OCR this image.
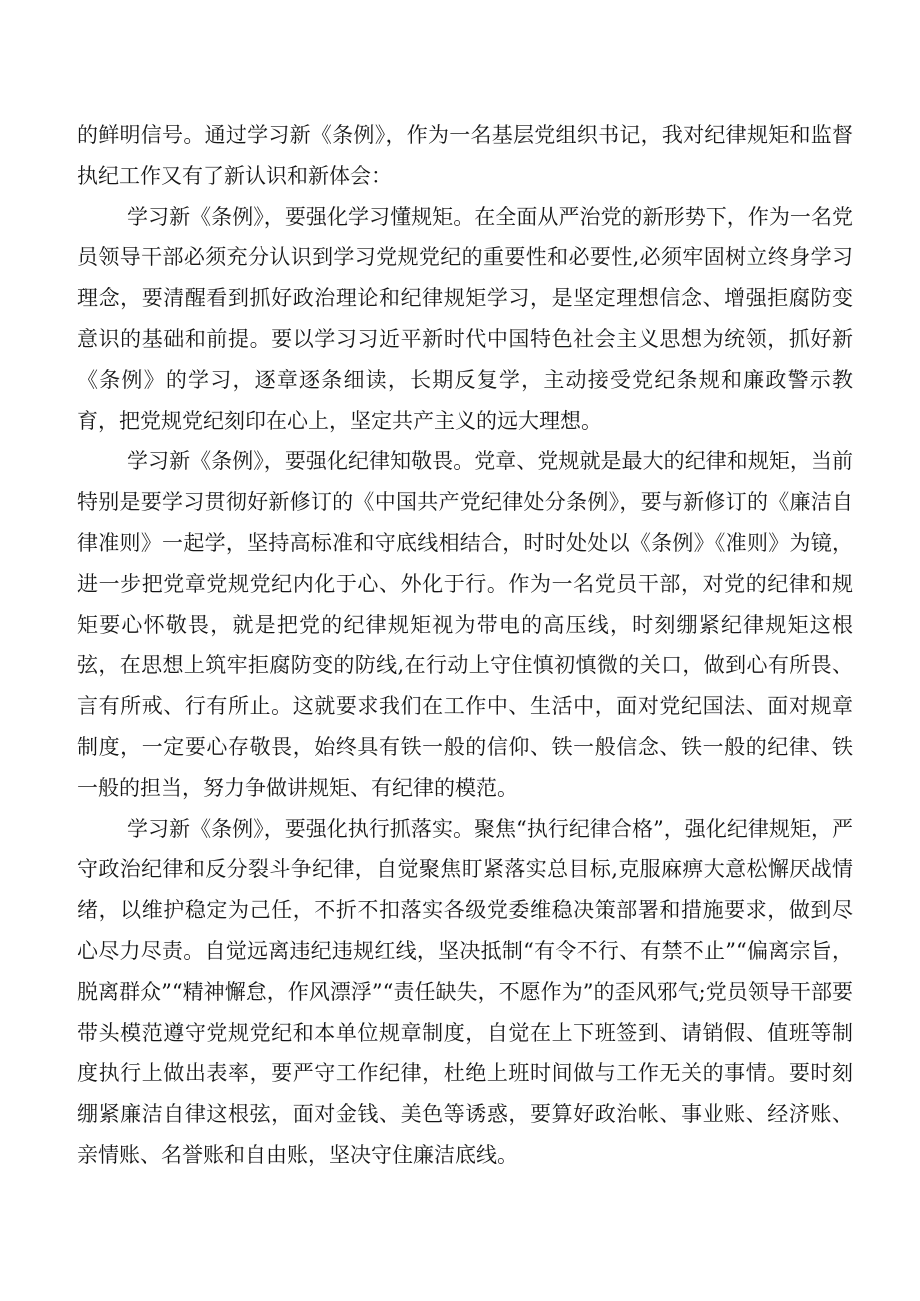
的鲜明信号。通过学习新《条例》，作为一名基层党组织书记，我对纪律规矩和监督执纪工作又有了新认识和新体会：

学习新《条例》，要强化学习懂规矩。在全面从严治党的新形势下，作为一名党员领导干部必须充分认识到学习党规党纪的重要性和必要性,必须牢固树立终身学习理念，要清醒看到抓好政治理论和纪律规矩学习，是坚定理想信念、增强拒腐防变意识的基础和前提。要以学习习近平新时代中国特色社会主义思想为统领，抓好新《条例》的学习，逐章逐条细读，长期反复学，主动接受党纪条规和廉政警示教育，把党规党纪刻印在心上，坚定共产主义的远大理想。

学习新《条例》，要强化纪律知敬畏。党章、党规就是最大的纪律和规矩，当前特别是要学习贯彻好新修订的《中国共产党纪律处分条例》，要与新修订的《廉洁自律准则》一起学，坚持高标准和守底线相结合，时时处处以《条例》《准则》为镜，进一步把党章党规党纪内化于心、外化于行。作为一名党员干部，对党的纪律和规矩要心怀敬畏，就是把党的纪律规矩视为带电的高压线，时刻绷紧纪律规矩这根弦，在思想上筑牢拒腐防变的防线,在行动上守住慎初慎微的关口，做到心有所畏、言有所戒、行有所止。这就要求我们在工作中、生活中，面对党纪国法、面对规章制度，一定要心存敬畏，始终具有铁一般的信仰、铁一般信念、铁一般的纪律、铁一般的担当，努力争做讲规矩、有纪律的模范。

学习新《条例》，要强化执行抓落实。聚焦“执行纪律合格”，强化纪律规矩，严守政治纪律和反分裂斗争纪律，自觉聚焦盯紧落实总目标,克服麻痹大意松懈厌战情绪，以维护稳定为己任，不折不扣落实各级党委维稳决策部署和措施要求，做到尽心尽力尽责。自觉远离违纪违规红线，坚决抵制“有令不行、有禁不止”“偏离宗旨，脱离群众”“精神懈怠，作风漂浮”“责任缺失，不愿作为”的歪风邪气;党员领导干部要带头模范遵守党规党纪和本单位规章制度，自觉在上下班签到、请销假、值班等制度执行上做出表率，要严守工作纪律，杜绝上班时间做与工作无关的事情。要时刻绷紧廉洁自律这根弦，面对金钱、美色等诱惑，要算好政治帐、事业账、经济账、亲情账、名誉账和自由账，坚决守住廉洁底线。
